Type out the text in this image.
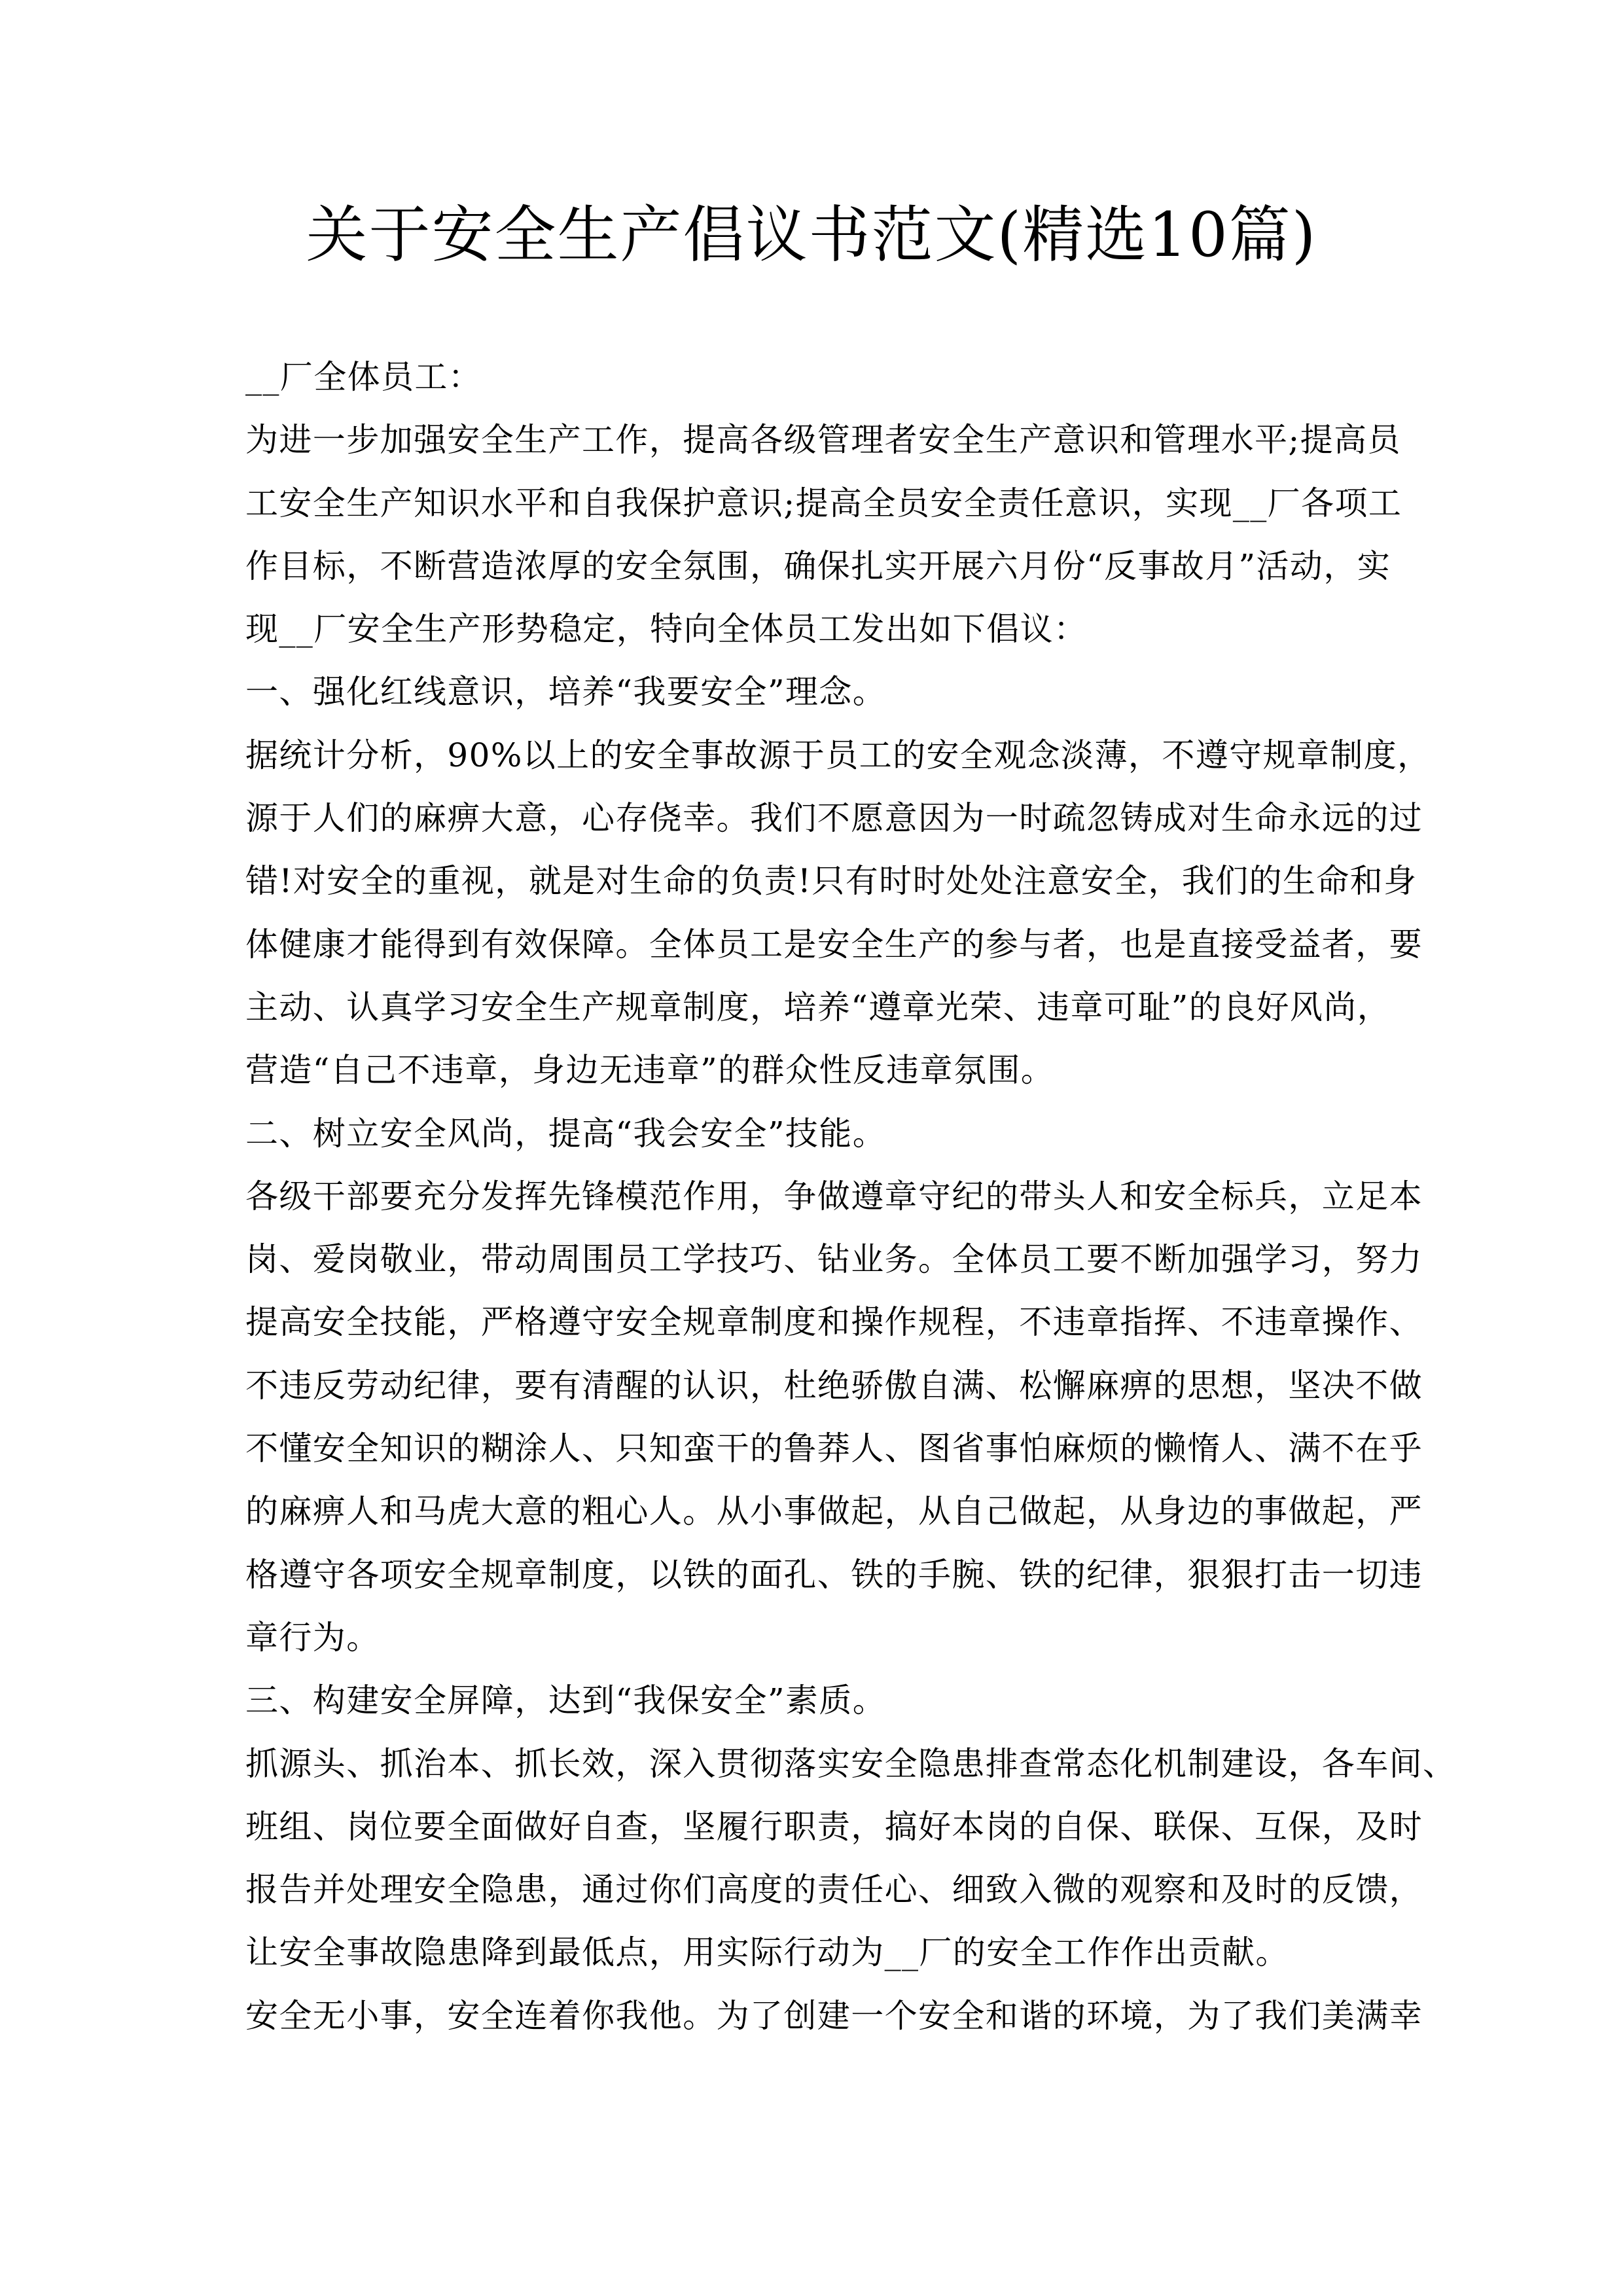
关于安全生产倡议书范文(精选10篇)

__厂全体员工：

为进一步加强安全生产工作，提高各级管理者安全生产意识和管理水平;提高员

工安全生产知识水平和自我保护意识;提高全员安全责任意识，实现__厂各项工

作目标，不断营造浓厚的安全氛围，确保扎实开展六月份“反事故月”活动，实

现__厂安全生产形势稳定，特向全体员工发出如下倡议：

一、强化红线意识，培养“我要安全”理念。

据统计分析，90%以上的安全事故源于员工的安全观念淡薄，不遵守规章制度，

源于人们的麻痹大意，心存侥幸。我们不愿意因为一时疏忽铸成对生命永远的过

错!对安全的重视，就是对生命的负责!只有时时处处注意安全，我们的生命和身

体健康才能得到有效保障。全体员工是安全生产的参与者，也是直接受益者，要

主动、认真学习安全生产规章制度，培养“遵章光荣、违章可耻”的良好风尚，

营造“自己不违章，身边无违章”的群众性反违章氛围。

二、树立安全风尚，提高“我会安全”技能。

各级干部要充分发挥先锋模范作用，争做遵章守纪的带头人和安全标兵，立足本

岗、爱岗敬业，带动周围员工学技巧、钻业务。全体员工要不断加强学习，努力

提高安全技能，严格遵守安全规章制度和操作规程，不违章指挥、不违章操作、

不违反劳动纪律，要有清醒的认识，杜绝骄傲自满、松懈麻痹的思想，坚决不做

不懂安全知识的糊涂人、只知蛮干的鲁莽人、图省事怕麻烦的懒惰人、满不在乎

的麻痹人和马虎大意的粗心人。从小事做起，从自己做起，从身边的事做起，严

格遵守各项安全规章制度，以铁的面孔、铁的手腕、铁的纪律，狠狠打击一切违

章行为。

三、构建安全屏障，达到“我保安全”素质。

抓源头、抓治本、抓长效，深入贯彻落实安全隐患排查常态化机制建设，各车间、

班组、岗位要全面做好自查，坚履行职责，搞好本岗的自保、联保、互保，及时

报告并处理安全隐患，通过你们高度的责任心、细致入微的观察和及时的反馈，

让安全事故隐患降到最低点，用实际行动为__厂的安全工作作出贡献。

安全无小事，安全连着你我他。为了创建一个安全和谐的环境，为了我们美满幸
